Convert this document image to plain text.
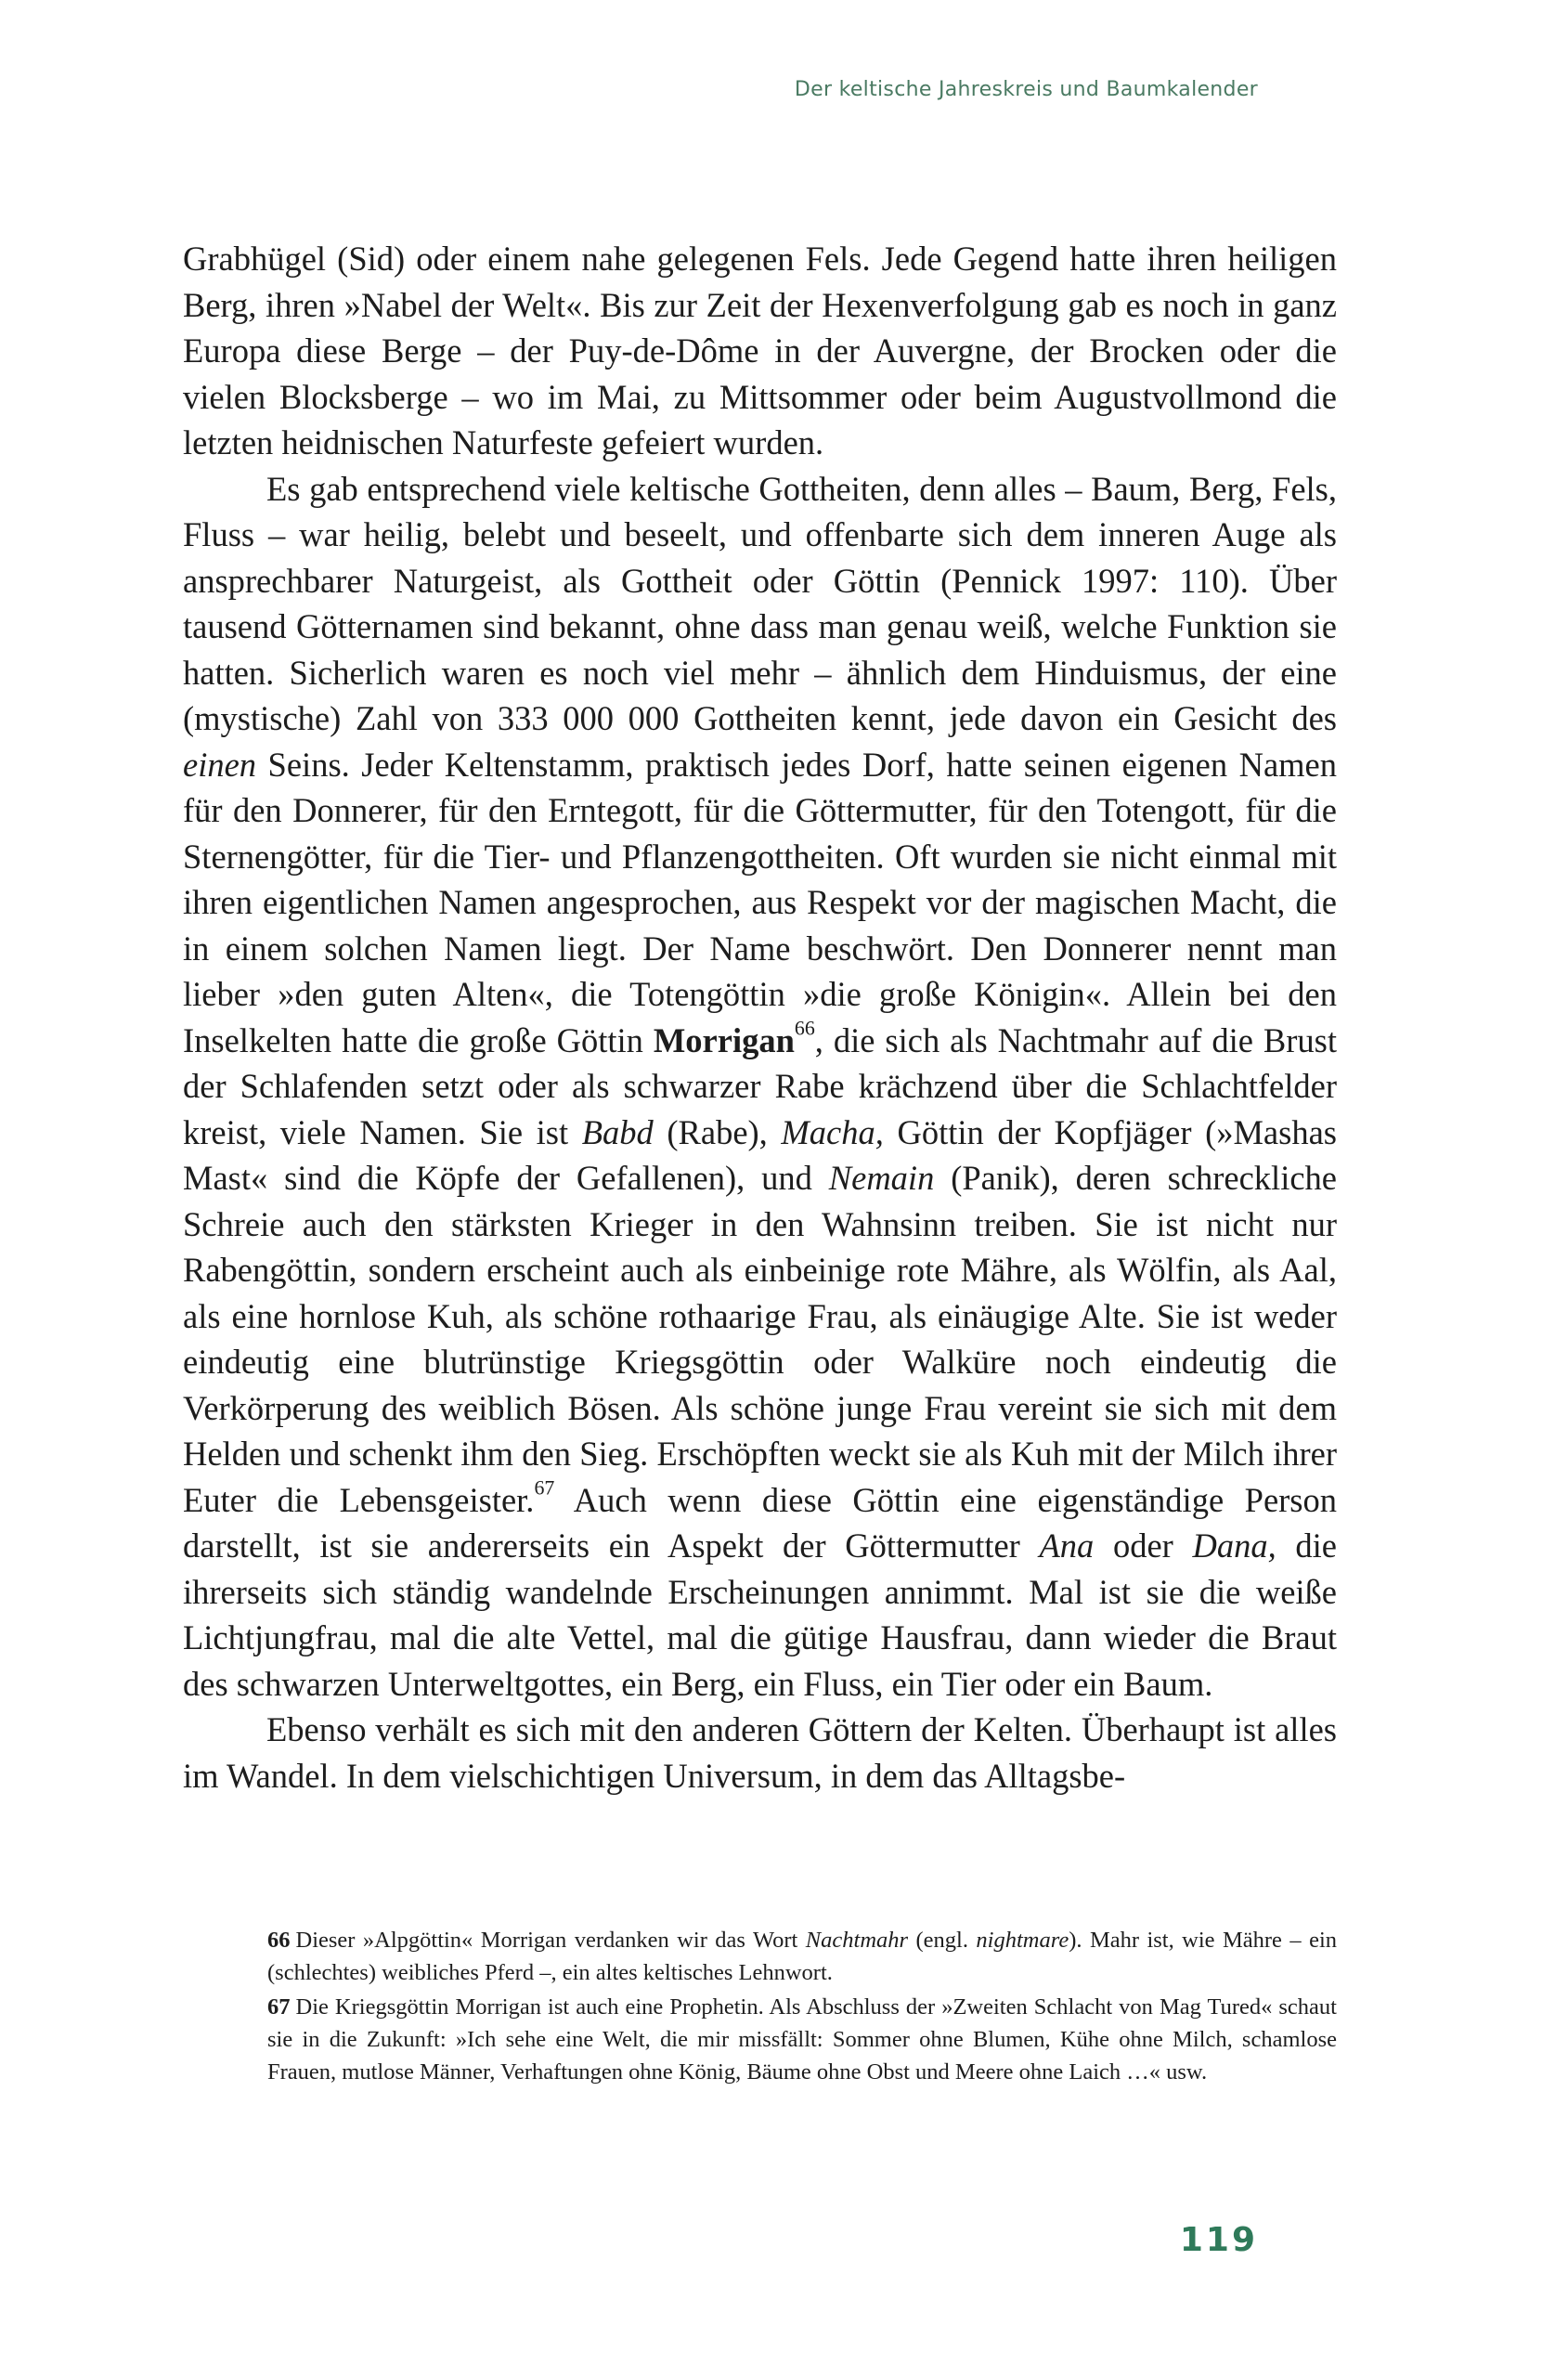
Der keltische Jahreskreis und Baumkalender

Grabhügel (Sid) oder einem nahe gelegenen Fels. Jede Gegend hatte ihren heiligen Berg, ihren »Nabel der Welt«. Bis zur Zeit der Hexenverfolgung gab es noch in ganz Europa diese Berge – der Puy-de-Dôme in der Auvergne, der Brocken oder die vielen Blocksberge – wo im Mai, zu Mittsommer oder beim Augustvollmond die letzten heidnischen Naturfeste gefeiert wurden.

Es gab entsprechend viele keltische Gottheiten, denn alles – Baum, Berg, Fels, Fluss – war heilig, belebt und beseelt, und offenbarte sich dem inneren Auge als ansprechbarer Naturgeist, als Gottheit oder Göttin (Pennick 1997: 110). Über tausend Götternamen sind bekannt, ohne dass man genau weiß, welche Funktion sie hatten. Sicherlich waren es noch viel mehr – ähnlich dem Hinduismus, der eine (mystische) Zahl von 333 000 000 Gottheiten kennt, jede davon ein Gesicht des einen Seins. Jeder Keltenstamm, praktisch jedes Dorf, hatte seinen eigenen Namen für den Donnerer, für den Erntegott, für die Göttermutter, für den Totengott, für die Sternengötter, für die Tier- und Pflanzengottheiten. Oft wurden sie nicht einmal mit ihren eigentlichen Namen angesprochen, aus Respekt vor der magischen Macht, die in einem solchen Namen liegt. Der Name beschwört. Den Donnerer nennt man lieber »den guten Alten«, die Totengöttin »die große Königin«. Allein bei den Inselkelten hatte die große Göttin Morrigan$^{66}$, die sich als Nachtmahr auf die Brust der Schlafenden setzt oder als schwarzer Rabe krächzend über die Schlachtfelder kreist, viele Namen. Sie ist Babd (Rabe), Macha, Göttin der Kopfjäger (»Mashas Mast« sind die Köpfe der Gefallenen), und Nemain (Panik), deren schreckliche Schreie auch den stärksten Krieger in den Wahnsinn treiben. Sie ist nicht nur Rabengöttin, sondern erscheint auch als einbeinige rote Mähre, als Wölfin, als Aal, als eine hornlose Kuh, als schöne rothaarige Frau, als einäugige Alte. Sie ist weder eindeutig eine blutrünstige Kriegsgöttin oder Walküre noch eindeutig die Verkörperung des weiblich Bösen. Als schöne junge Frau vereint sie sich mit dem Helden und schenkt ihm den Sieg. Erschöpften weckt sie als Kuh mit der Milch ihrer Euter die Lebensgeister.$^{67}$ Auch wenn diese Göttin eine eigenständige Person darstellt, ist sie andererseits ein Aspekt der Göttermutter Ana oder Dana, die ihrerseits sich ständig wandelnde Erscheinungen annimmt. Mal ist sie die weiße Lichtjungfrau, mal die alte Vettel, mal die gütige Hausfrau, dann wieder die Braut des schwarzen Unterweltgottes, ein Berg, ein Fluss, ein Tier oder ein Baum.

Ebenso verhält es sich mit den anderen Göttern der Kelten. Überhaupt ist alles im Wandel. In dem vielschichtigen Universum, in dem das Alltagsbe-

66 Dieser »Alpgöttin« Morrigan verdanken wir das Wort Nachtmahr (engl. nightmare). Mahr ist, wie Mähre – ein (schlechtes) weibliches Pferd –, ein altes keltisches Lehnwort.

67 Die Kriegsgöttin Morrigan ist auch eine Prophetin. Als Abschluss der »Zweiten Schlacht von Mag Tured« schaut sie in die Zukunft: »Ich sehe eine Welt, die mir missfällt: Sommer ohne Blumen, Kühe ohne Milch, schamlose Frauen, mutlose Männer, Verhaftungen ohne König, Bäume ohne Obst und Meere ohne Laich …« usw.

119
